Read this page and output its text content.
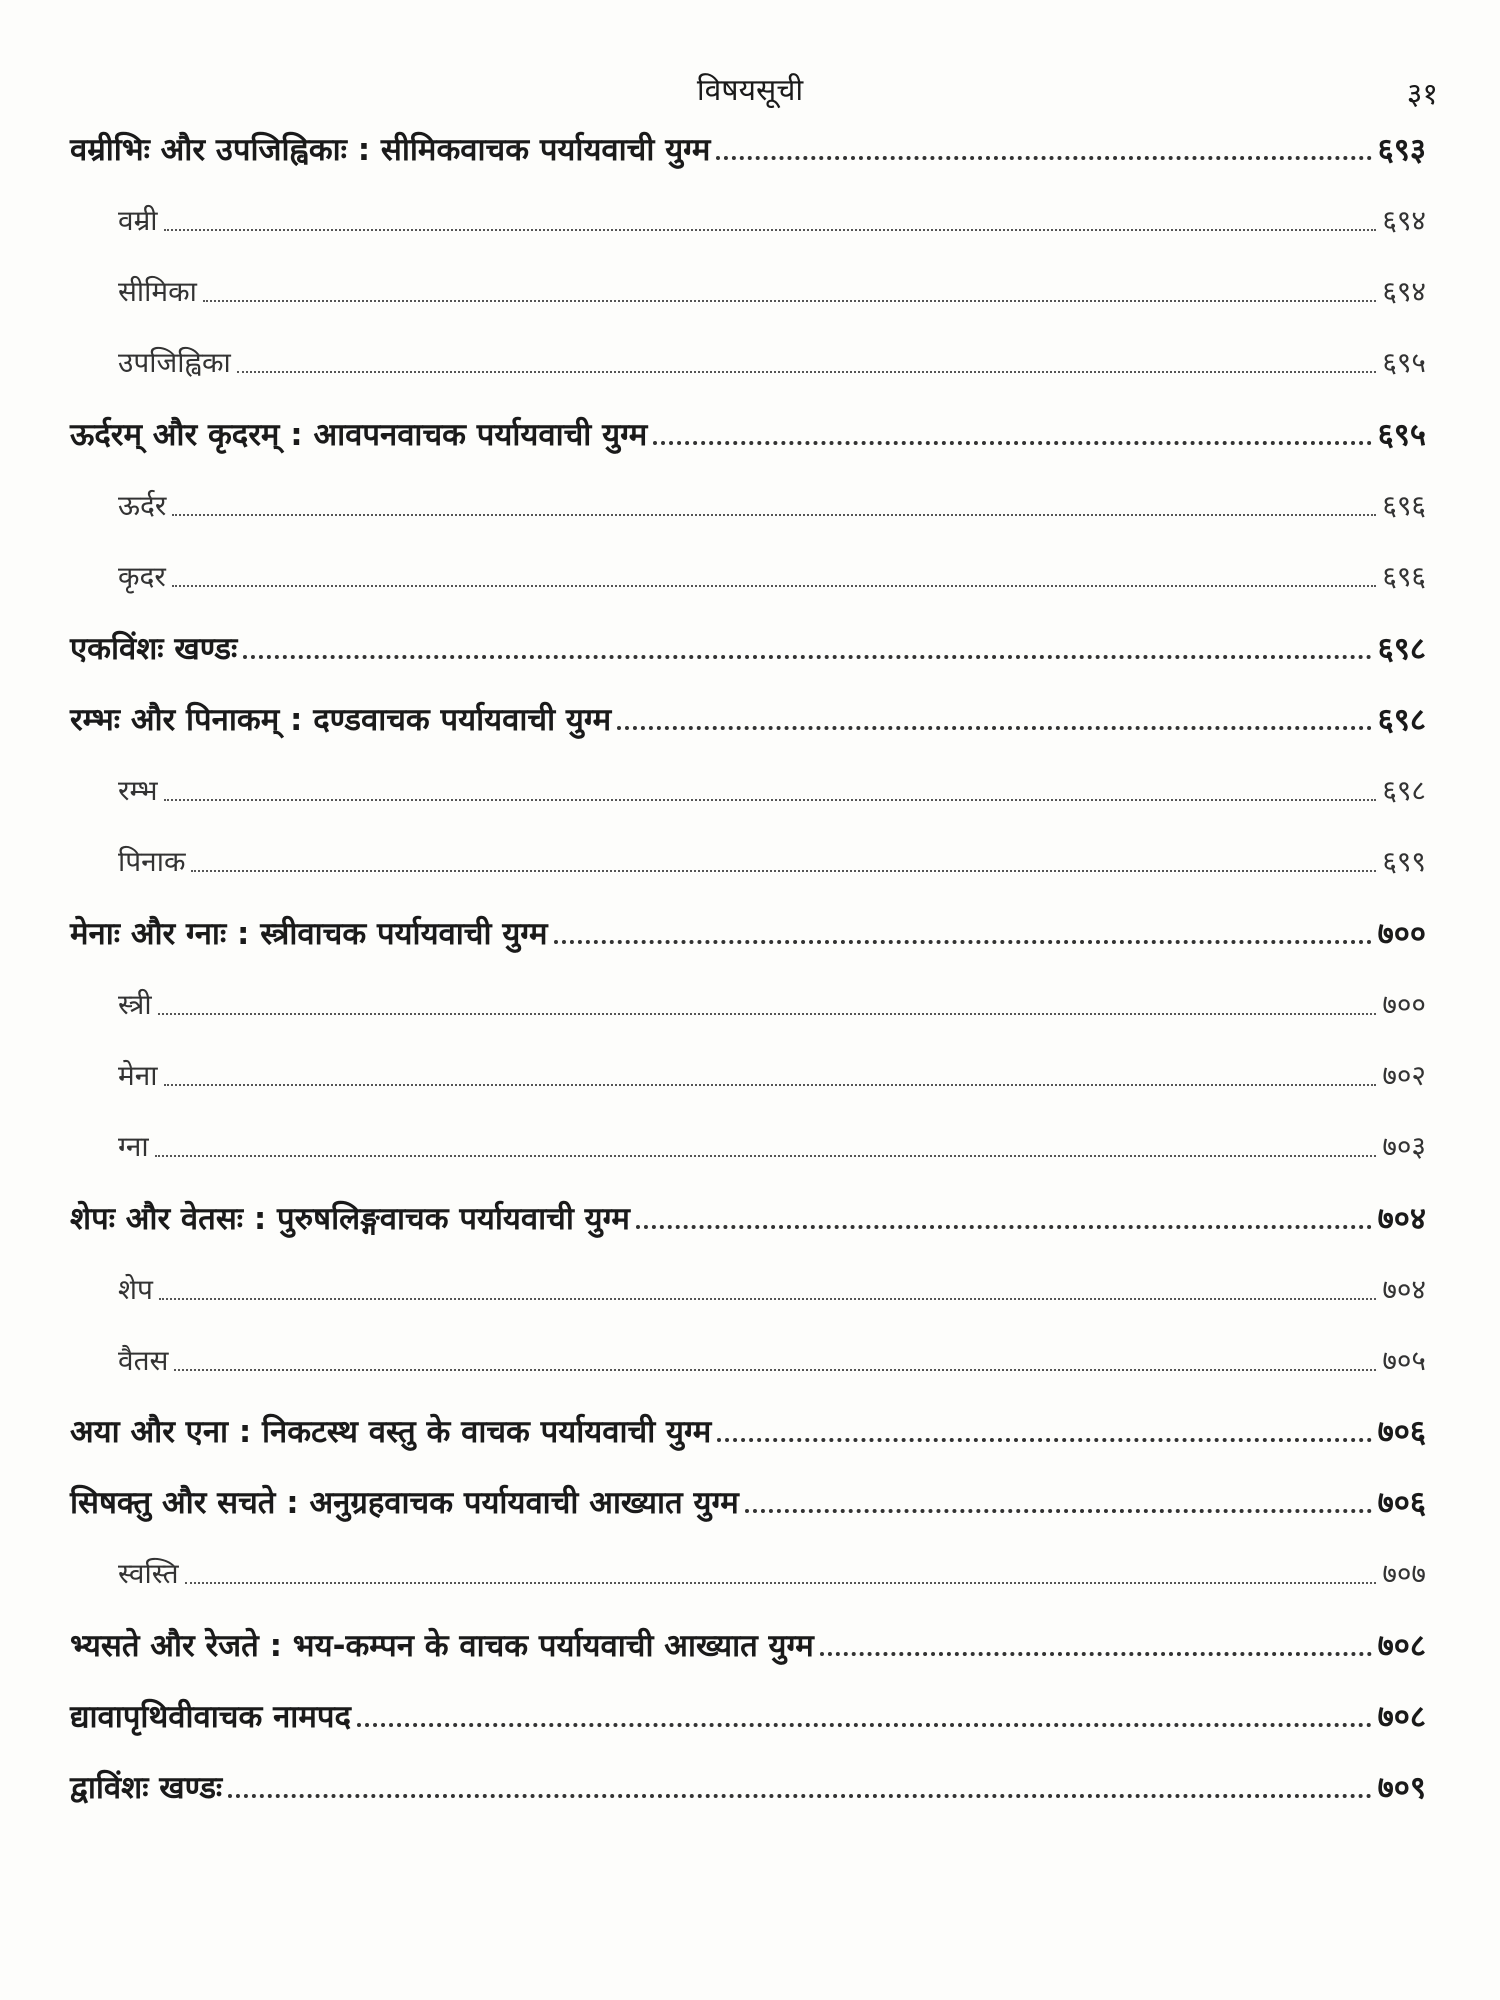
विषयसूची	३१
वम्रीभिः और उपजिह्विकाः : सीमिकवाचक पर्यायवाची युग्म	६९३
वम्री	६९४
सीमिका	६९४
उपजिह्विका	६९५
ऊर्दरम् और कृदरम् : आवपनवाचक पर्यायवाची युग्म	६९५
ऊर्दर	६९६
कृदर	६९६
एकविंशः खण्डः	६९८
रम्भः और पिनाकम् : दण्डवाचक पर्यायवाची युग्म	६९८
रम्भ	६९८
पिनाक	६९९
मेनाः और ग्नाः : स्त्रीवाचक पर्यायवाची युग्म	७००
स्त्री	७००
मेना	७०२
ग्ना	७०३
शेपः और वेतसः : पुरुषलिङ्गवाचक पर्यायवाची युग्म	७०४
शेप	७०४
वैतस	७०५
अया और एना : निकटस्थ वस्तु के वाचक पर्यायवाची युग्म	७०६
सिषक्तु और सचते : अनुग्रहवाचक पर्यायवाची आख्यात युग्म	७०६
स्वस्ति	७०७
भ्यसते और रेजते : भय-कम्पन के वाचक पर्यायवाची आख्यात युग्म	७०८
द्यावापृथिवीवाचक नामपद	७०८
द्वाविंशः खण्डः	७०९
